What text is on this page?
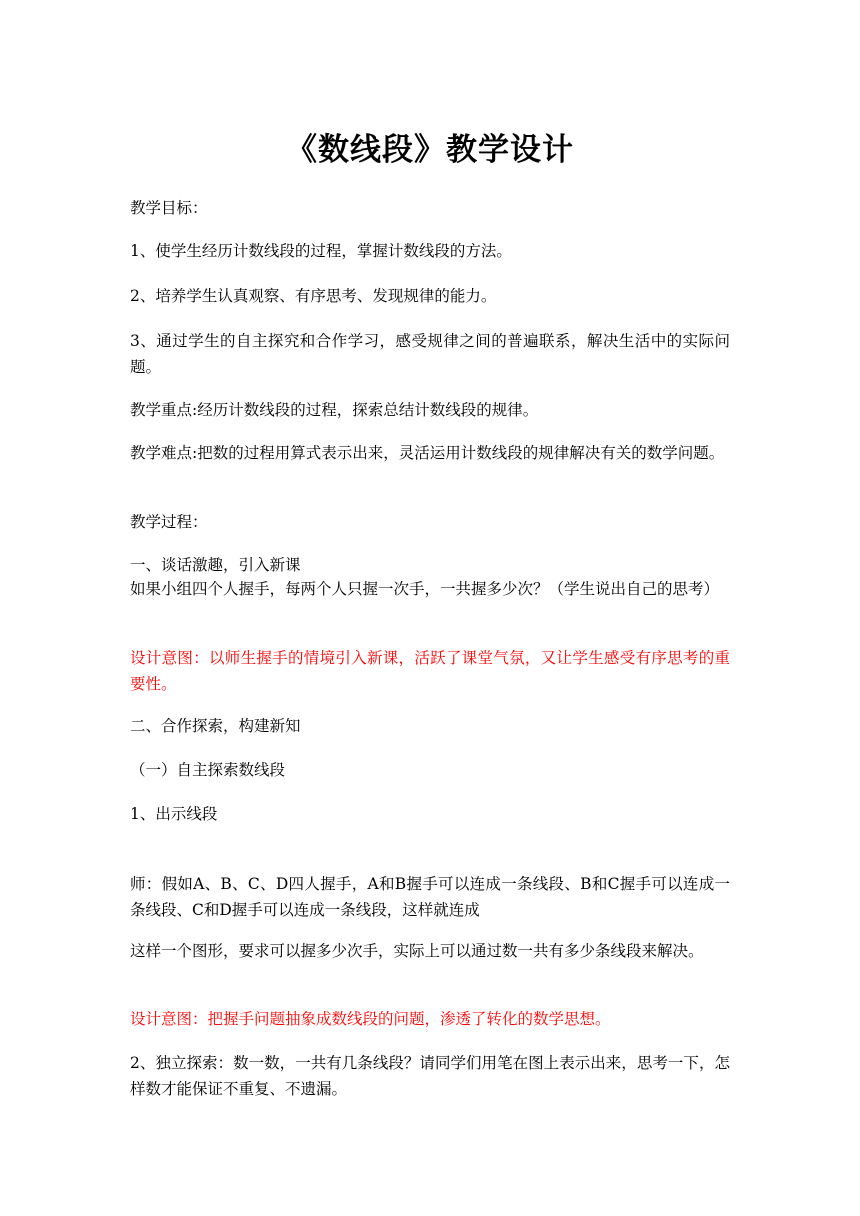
《数线段》教学设计
教学目标：
1、使学生经历计数线段的过程，掌握计数线段的方法。
2、培养学生认真观察、有序思考、发现规律的能力。
3、通过学生的自主探究和合作学习，感受规律之间的普遍联系，解决生活中的实际问题。
教学重点:经历计数线段的过程，探索总结计数线段的规律。
教学难点:把数的过程用算式表示出来，灵活运用计数线段的规律解决有关的数学问题。
教学过程：
一、谈话激趣，引入新课
如果小组四个人握手，每两个人只握一次手，一共握多少次？（学生说出自己的思考）
设计意图：以师生握手的情境引入新课，活跃了课堂气氛，又让学生感受有序思考的重要性。
二、合作探索，构建新知
（一）自主探索数线段
1、出示线段
师：假如A、B、C、D四人握手，A和B握手可以连成一条线段、B和C握手可以连成一条线段、C和D握手可以连成一条线段，这样就连成
这样一个图形，要求可以握多少次手，实际上可以通过数一共有多少条线段来解决。
设计意图：把握手问题抽象成数线段的问题，渗透了转化的数学思想。
2、独立探索：数一数，一共有几条线段？请同学们用笔在图上表示出来，思考一下，怎样数才能保证不重复、不遗漏。
